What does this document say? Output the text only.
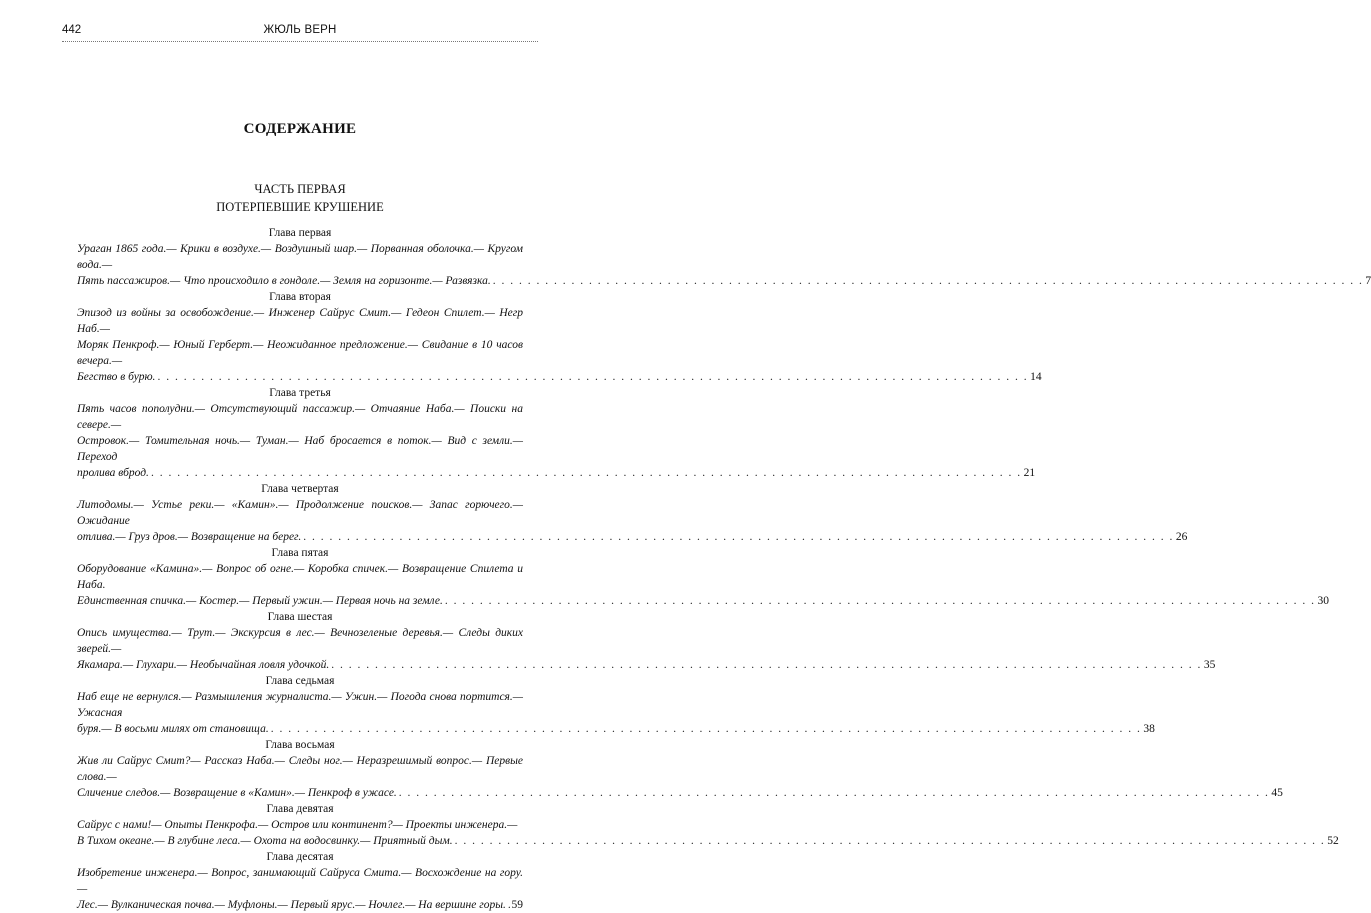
442	ЖЮЛЬ ВЕРН
СОДЕРЖАНИЕ
ЧАСТЬ ПЕРВАЯ
ПОТЕРПЕВШИЕ КРУШЕНИЕ
Глава первая
Ураган 1865 года.— Крики в воздухе.— Воздушный шар.— Порванная оболочка.— Кругом вода.—
Пять пассажиров.— Что происходило в гондоле.— Земля на горизонте.— Развязка. . . . . . . . . . . . . . . . . . . . . . . . . . . . . . . . . . . . . . . . . . . . . . . . . . . . . . . . . . . . . . . . . . . . . . . . . . . . . . . . . . . . . . . . . . . . . . . . . . . . . 7
Глава вторая
Эпизод из войны за освобождение.— Инженер Сайрус Смит.— Гедеон Спилет.— Негр Наб.—
Моряк Пенкроф.— Юный Герберт.— Неожиданное предложение.— Свидание в 10 часов вечера.—
Бегство в бурю. . . . . . . . . . . . . . . . . . . . . . . . . . . . . . . . . . . . . . . . . . . . . . . . . . . . . . . . . . . . . . . . . . . . . . . . . . . . . . . . . . . . . . . . . . . . . . . . . . . . . 14
Глава третья
Пять часов пополудни.— Отсутствующий пассажир.— Отчаяние Наба.— Поиски на севере.—
Островок.— Томительная ночь.— Туман.— Наб бросается в поток.— Вид с земли.— Переход
пролива вброд. . . . . . . . . . . . . . . . . . . . . . . . . . . . . . . . . . . . . . . . . . . . . . . . . . . . . . . . . . . . . . . . . . . . . . . . . . . . . . . . . . . . . . . . . . . . . . . . . . . . . 21
Глава четвертая
Литодомы.— Устье реки.— «Камин».— Продолжение поисков.— Запас горючего.— Ожидание
отлива.— Груз дров.— Возвращение на берег. . . . . . . . . . . . . . . . . . . . . . . . . . . . . . . . . . . . . . . . . . . . . . . . . . . . . . . . . . . . . . . . . . . . . . . . . . . . . . . . . . . . . . . . . . . . . . . . . . . . . 26
Глава пятая
Оборудование «Камина».— Вопрос об огне.— Коробка спичек.— Возвращение Спилета и Наба.
Единственная спичка.— Костер.— Первый ужин.— Первая ночь на земле. . . . . . . . . . . . . . . . . . . . . . . . . . . . . . . . . . . . . . . . . . . . . . . . . . . . . . . . . . . . . . . . . . . . . . . . . . . . . . . . . . . . . . . . . . . . . . . . . . . . . 30
Глава шестая
Опись имущества.— Трут.— Экскурсия в лес.— Вечнозеленые деревья.— Следы диких зверей.—
Якамара.— Глухари.— Необычайная ловля удочкой. . . . . . . . . . . . . . . . . . . . . . . . . . . . . . . . . . . . . . . . . . . . . . . . . . . . . . . . . . . . . . . . . . . . . . . . . . . . . . . . . . . . . . . . . . . . . . . . . . . . . 35
Глава седьмая
Наб еще не вернулся.— Размышления журналиста.— Ужин.— Погода снова портится.— Ужасная
буря.— В восьми милях от становища. . . . . . . . . . . . . . . . . . . . . . . . . . . . . . . . . . . . . . . . . . . . . . . . . . . . . . . . . . . . . . . . . . . . . . . . . . . . . . . . . . . . . . . . . . . . . . . . . . . . . 38
Глава восьмая
Жив ли Сайрус Смит?— Рассказ Наба.— Следы ног.— Неразрешимый вопрос.— Первые слова.—
Сличение следов.— Возвращение в «Камин».— Пенкроф в ужасе. . . . . . . . . . . . . . . . . . . . . . . . . . . . . . . . . . . . . . . . . . . . . . . . . . . . . . . . . . . . . . . . . . . . . . . . . . . . . . . . . . . . . . . . . . . . . . . . . . . . . 45
Глава девятая
Сайрус с нами!— Опыты Пенкрофа.— Остров или континент?— Проекты инженера.—
В Тихом океане.— В глубине леса.— Охота на водосвинку.— Приятный дым. . . . . . . . . . . . . . . . . . . . . . . . . . . . . . . . . . . . . . . . . . . . . . . . . . . . . . . . . . . . . . . . . . . . . . . . . . . . . . . . . . . . . . . . . . . . . . . . . . . . . 52
Глава десятая
Изобретение инженера.— Вопрос, занимающий Сайруса Смита.— Восхождение на гору.—
Лес.— Вулканическая почва.— Муфлоны.— Первый ярус.— Ночлег.— На вершине горы. 59
